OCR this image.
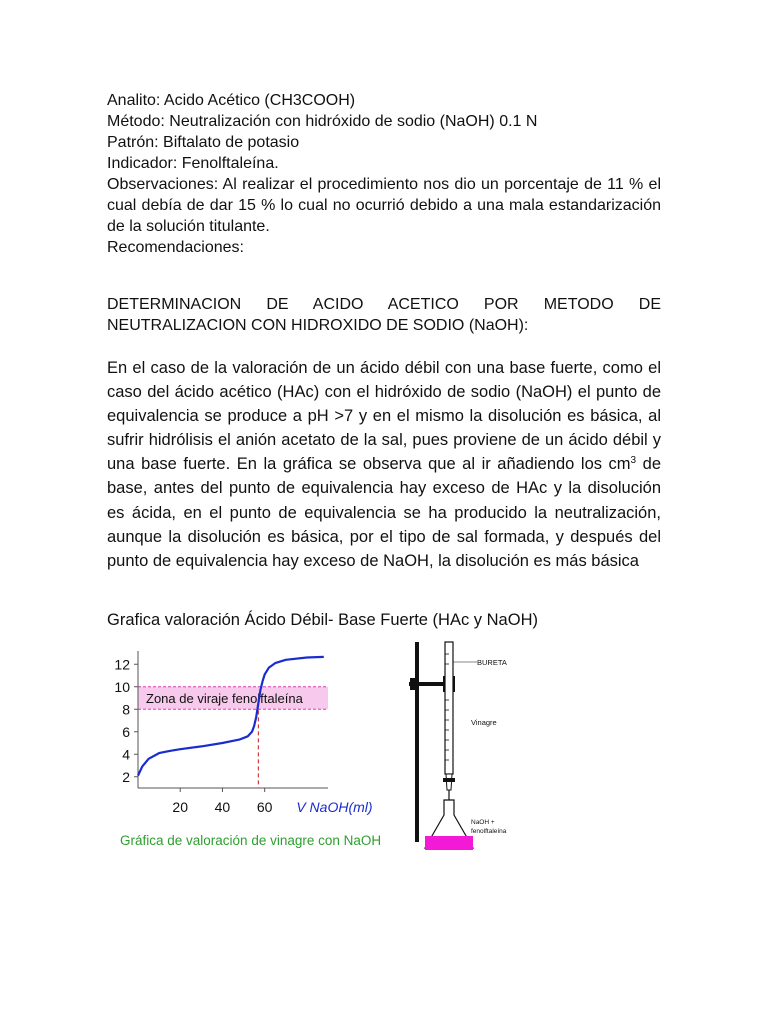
Analito: Acido Acético (CH3COOH)
Método: Neutralización con hidróxido de sodio (NaOH) 0.1 N
Patrón: Biftalato de potasio
Indicador: Fenolftaleína.
Observaciones: Al realizar el procedimiento nos dio un porcentaje de 11 % el cual debía de dar 15 % lo cual no ocurrió debido a una mala estandarización de la solución titulante.
Recomendaciones:
DETERMINACION DE ACIDO ACETICO POR METODO DE
NEUTRALIZACION CON HIDROXIDO DE SODIO (NaOH):
En el caso de la valoración de un ácido débil con una base fuerte, como el caso del ácido acético (HAc) con el hidróxido de sodio (NaOH) el punto de equivalencia se produce a pH >7 y en el mismo la disolución es básica, al sufrir hidrólisis el anión acetato de la sal, pues proviene de un ácido débil y una base fuerte. En la gráfica se observa que al ir añadiendo los $cm^3$ de base, antes del punto de equivalencia hay exceso de HAc y la disolución es ácida, en el punto de equivalencia se ha producido la neutralización, aunque la disolución es básica, por el tipo de sal formada, y después del punto de equivalencia hay exceso de NaOH, la disolución es más básica
Grafica valoración Ácido Débil- Base Fuerte (HAc y NaOH)
Zona de viraje fenolftaleína
2
4
6
8
10
12
20 40 60 V NaOH(ml)
Gráfica de valoración de vinagre con NaOH
BURETA
Vinagre
NaOH +
fenolftaleína
